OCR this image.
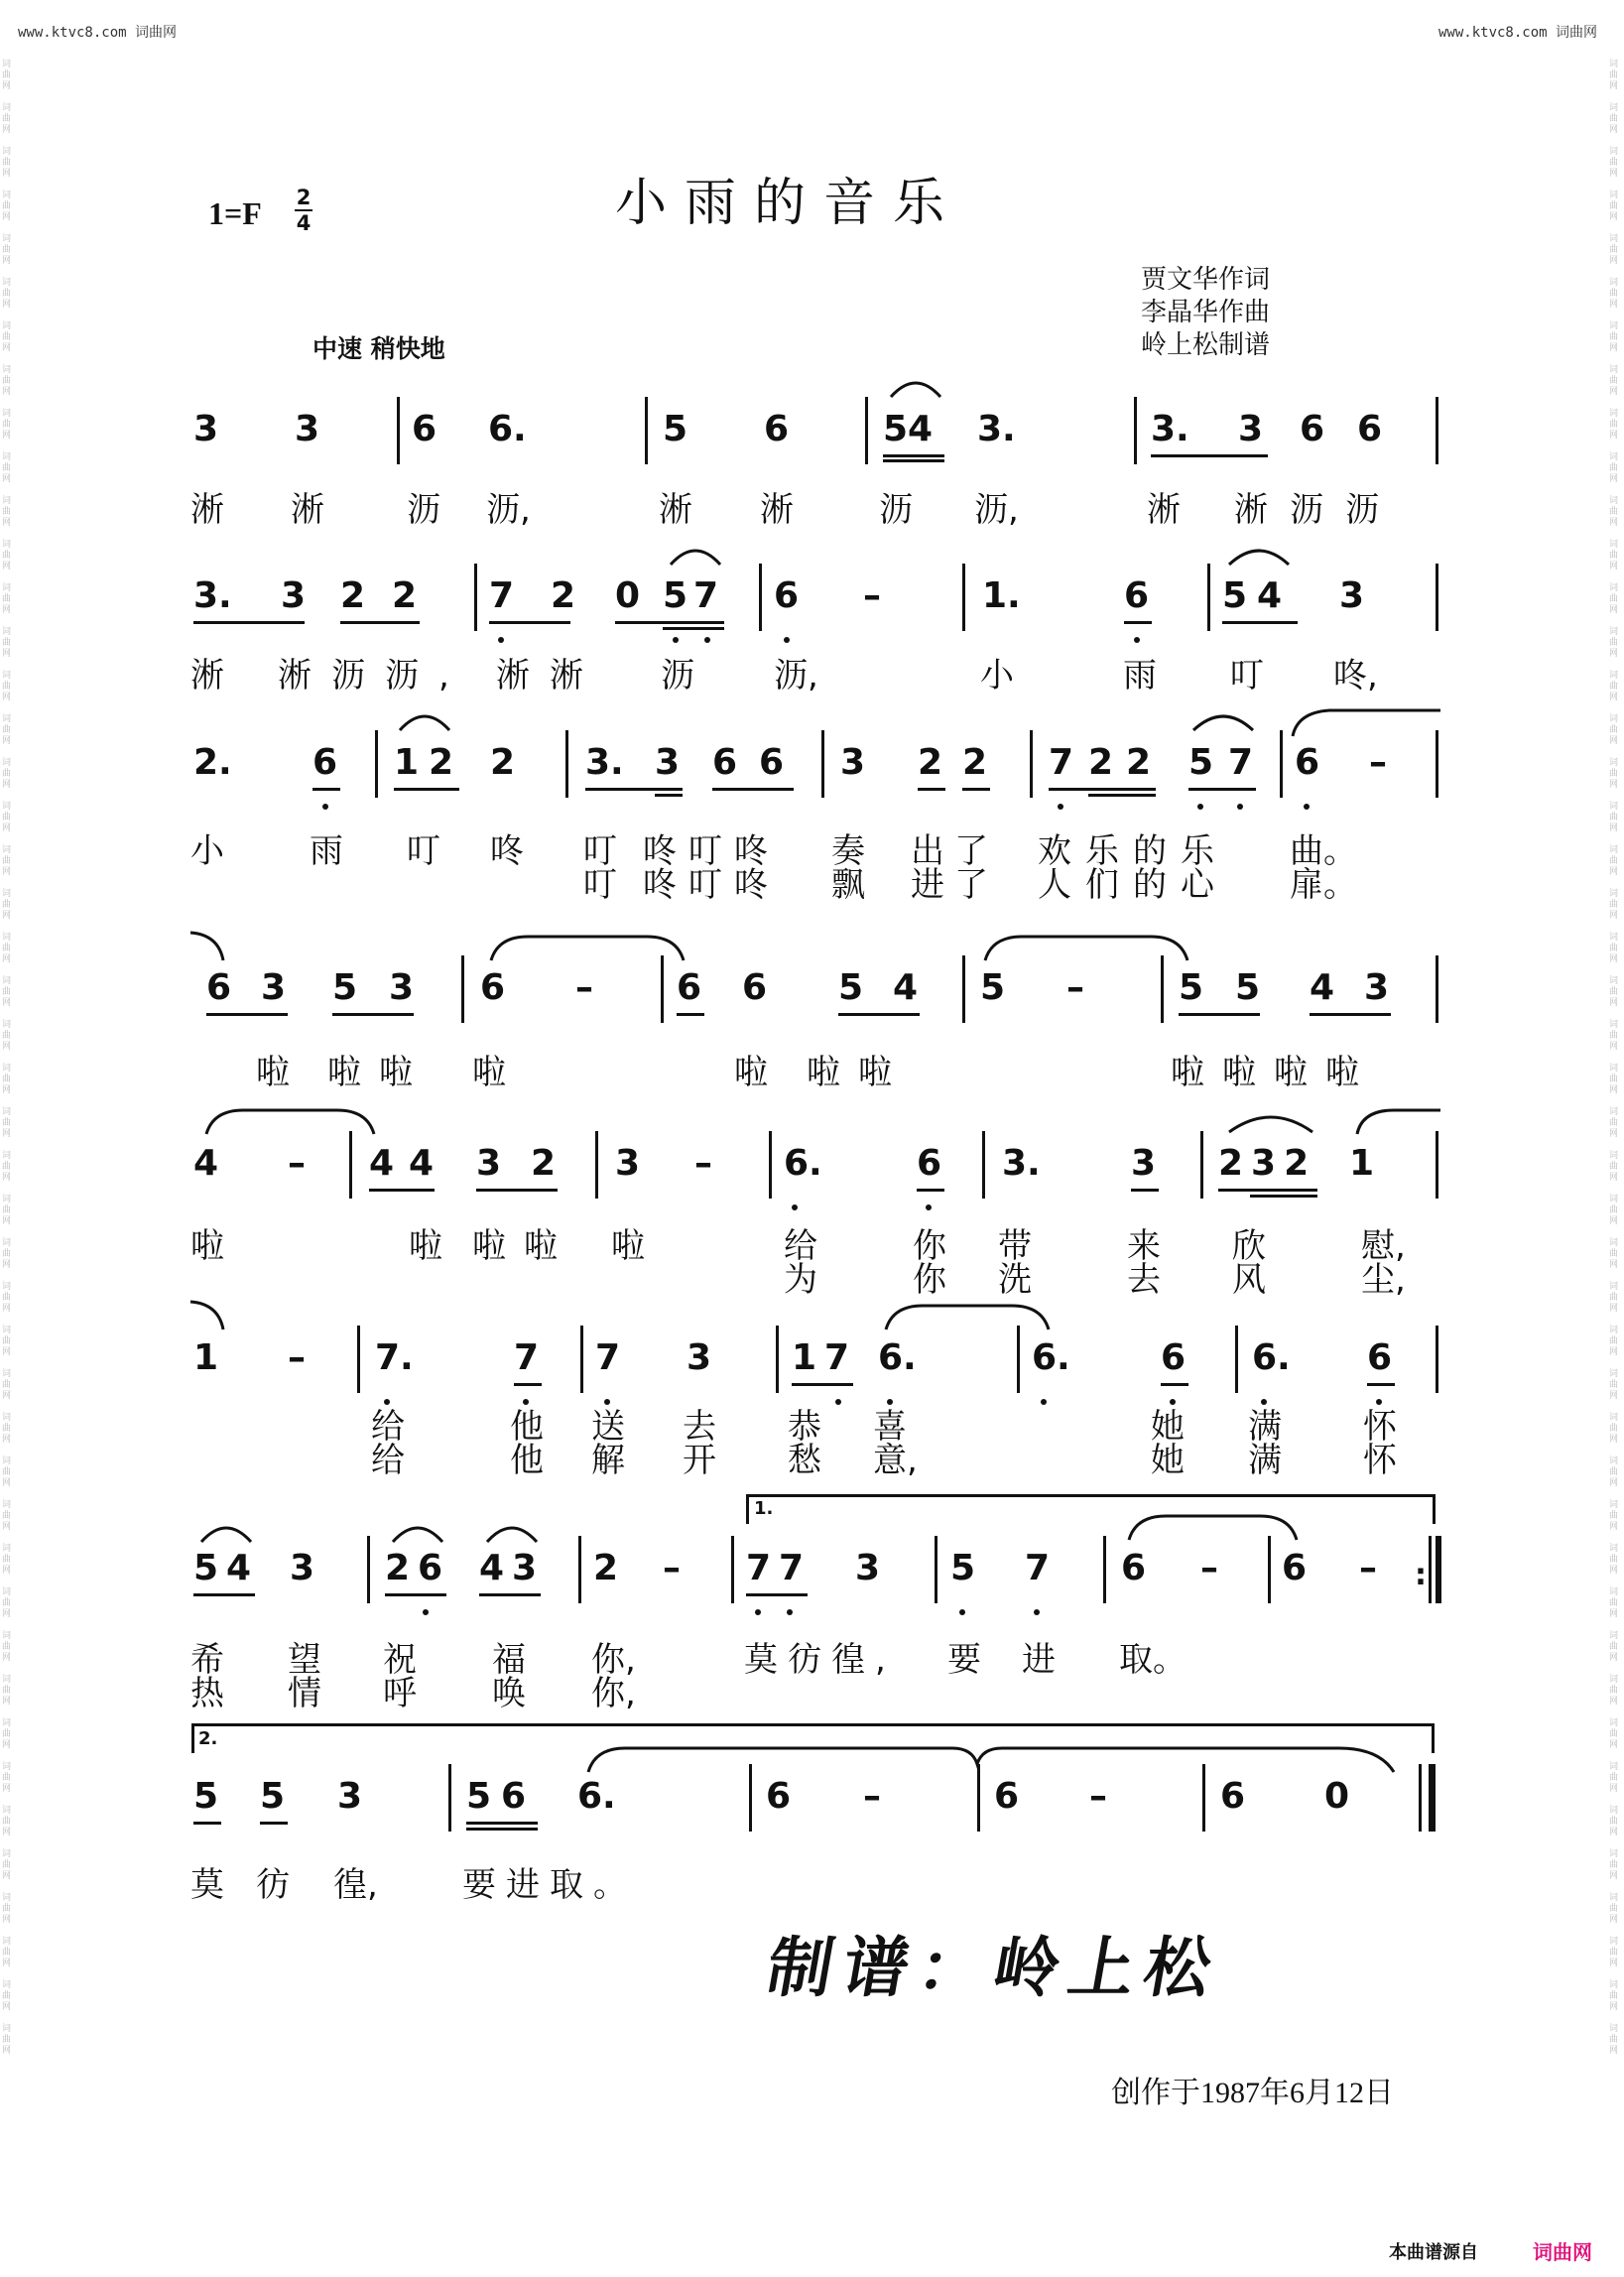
www.ktvc8.com 词曲网	www.ktvc8.com 词曲网
词
曲
网

词
曲
网

词
曲
网

词
曲
网

词
曲
网

词
曲
网

词
曲
网

词
曲
网

词
曲
网

词
曲
网

词
曲
网

词
曲
网

词
曲
网

词
曲
网

词
曲
网

词
曲
网

词
曲
网

词
曲
网

词
曲
网

词
曲
网

词
曲
网

词
曲
网

词
曲
网

词
曲
网

词
曲
网

词
曲
网

词
曲
网

词
曲
网

词
曲
网

词
曲
网

词
曲
网

词
曲
网

词
曲
网

词
曲
网

词
曲
网

词
曲
网

词
曲
网

词
曲
网

词
曲
网

词
曲
网

词
曲
网

词
曲
网

词
曲
网

词
曲
网

词
曲
网

词
曲
网

词
曲
网

词
曲
网

词
曲
网

词
曲
网

词
曲
网

词
曲
网

词
曲
网

词
曲
网

词
曲
网

词
曲
网

词
曲
网

词
曲
网

词
曲
网

词
曲
网

词
曲
网

词
曲
网

词
曲
网

词
曲
网

词
曲
网

词
曲
网

词
曲
网

词
曲
网

词
曲
网

词
曲
网

词
曲
网

词
曲
网

词
曲
网

词
曲
网

词
曲
网

词
曲
网

词
曲
网

词
曲
网

词
曲
网

词
曲
网

词
曲
网

词
曲
网

词
曲
网

词
曲
网

词
曲
网

词
曲
网

词
曲
网

词
曲
网

词
曲
网

词
曲
网

词
曲
网

词
曲
网

1=F 2
4	小雨的音乐
贾文华作词
李晶华作曲
岭上松制谱
中速 稍快地
3 3	6 6.	5 6	54 3.	3. 3 6 6
淅 淅 沥 沥,	淅 淅	沥 沥,	淅 淅沥沥
3. 3 2 2 7 2 0 57 6 –	1.	6 54 3
淅 淅沥沥, 淅淅 沥 沥,	小	雨 叮 咚,
2. 6 12 2 3. 3 6 6 3 2 2 7 2 2 5 7 6 –
小	雨 叮 咚 叮 咚叮咚 奏 出了 欢乐的乐 曲。
叮 咚叮咚 飘 进了 人们的心 扉。
6 3 5 3 6 – 6 6 5 4 5 –	5 5 4 3
啦 啦啦 啦	啦 啦啦	啦啦啦啦
4 – 4 4 3 2 3 – 6.	6 3.	3 232 1
啦	啦 啦啦 啦	给	你 带	来 欣	慰,
为	你 洗	去 风	尘,
1 – 7.	7 7 3 17 6.	6.	6 6. 6
给	他 送 去 恭 喜	她 满 怀
给	他 解 开 愁 意,	她 满 怀
1.
54 3 26 43 2 – 77 3 5 7 6 – 6 – :
希 望 祝 福 你,	莫彷徨, 要 进 取。
热 情 呼 唤 你,
2.
5 5 3	56 6.	6 –	6 –	6 0
莫 彷 徨,	要进取。
制谱：岭上松
创作于1987年6月12日
本曲谱源自	词曲网
